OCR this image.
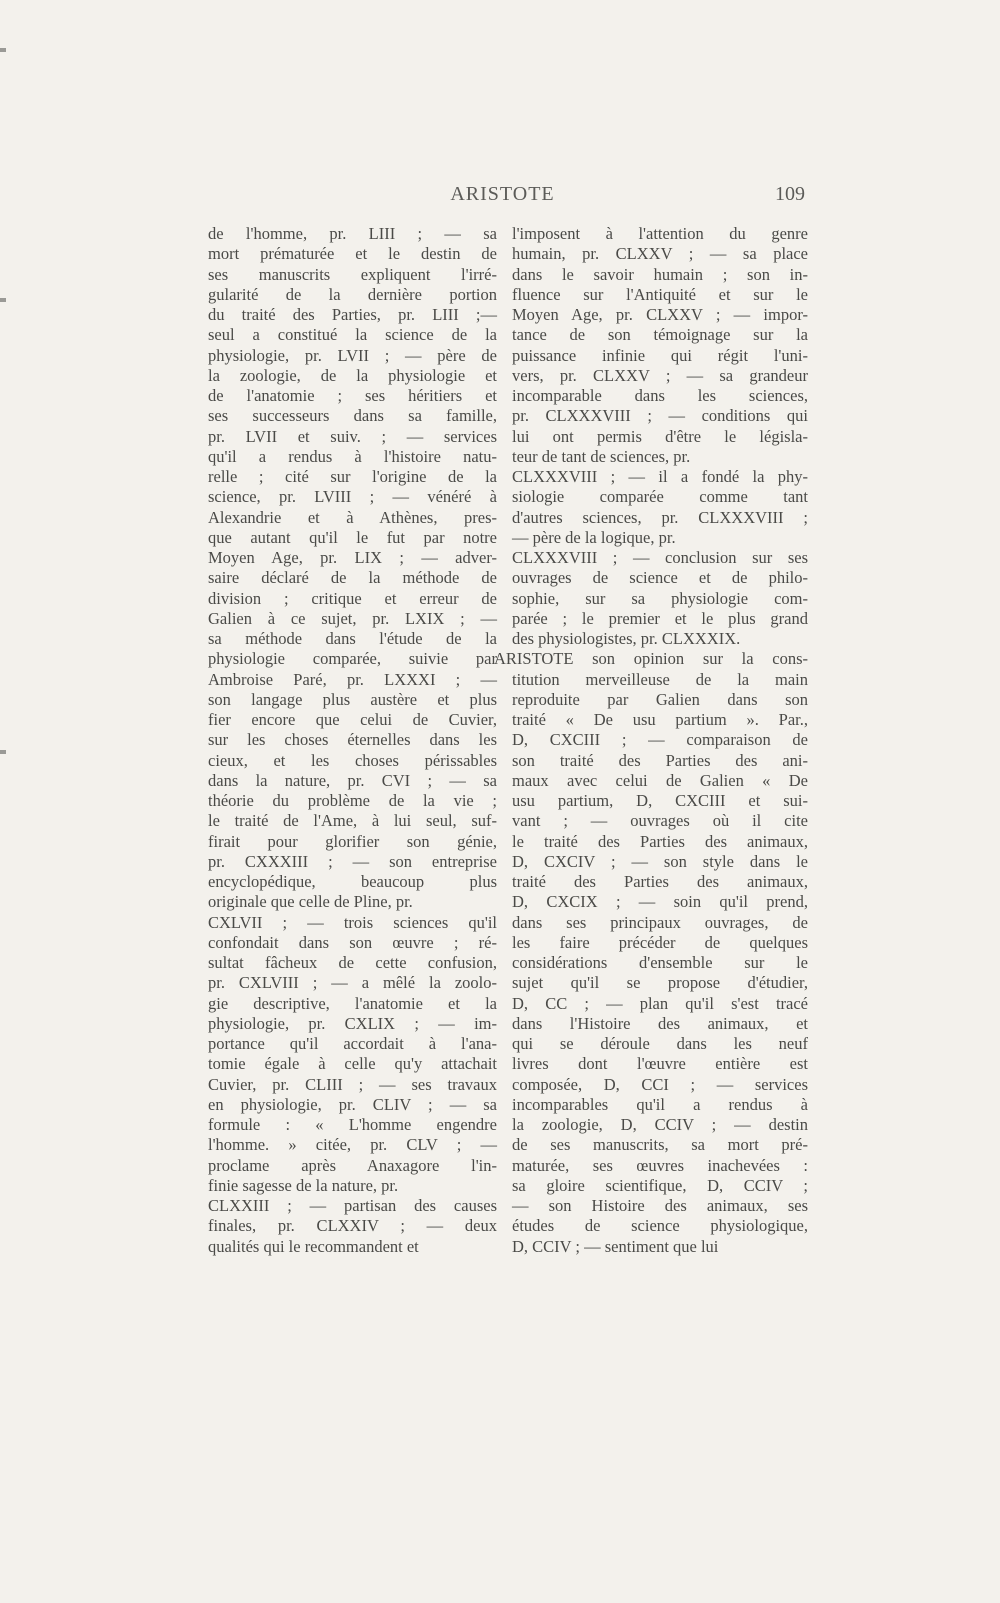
ARISTOTE	109
de l'homme, pr. LIII ; — sa
mort prématurée et le destin de
ses manuscrits expliquent l'irré-
gularité de la dernière portion
du traité des Parties, pr. LIII ;—
seul a constitué la science de la
physiologie, pr. LVII ; — père de
la zoologie, de la physiologie et
de l'anatomie ; ses héritiers et
ses successeurs dans sa famille,
pr. LVII et suiv. ; — services
qu'il a rendus à l'histoire natu-
relle ; cité sur l'origine de la
science, pr. LVIII ; — vénéré à
Alexandrie et à Athènes, pres-
que autant qu'il le fut par notre
Moyen Age, pr. LIX ; — adver-
saire déclaré de la méthode de
division ; critique et erreur de
Galien à ce sujet, pr. LXIX ; —
sa méthode dans l'étude de la
physiologie comparée, suivie par
Ambroise Paré, pr. LXXXI ; —
son langage plus austère et plus
fier encore que celui de Cuvier,
sur les choses éternelles dans les
cieux, et les choses périssables
dans la nature, pr. CVI ; — sa
théorie du problème de la vie ;
le traité de l'Ame, à lui seul, suf-
firait pour glorifier son génie,
pr. CXXXIII ; — son entreprise
encyclopédique, beaucoup plus
originale que celle de Pline, pr.
CXLVII ; — trois sciences qu'il
confondait dans son œuvre ; ré-
sultat fâcheux de cette confusion,
pr. CXLVIII ; — a mêlé la zoolo-
gie descriptive, l'anatomie et la
physiologie, pr. CXLIX ; — im-
portance qu'il accordait à l'ana-
tomie égale à celle qu'y attachait
Cuvier, pr. CLIII ; — ses travaux
en physiologie, pr. CLIV ; — sa
formule : « L'homme engendre
l'homme. » citée, pr. CLV ; —
proclame après Anaxagore l'in-
finie sagesse de la nature, pr.
CLXXIII ; — partisan des causes
finales, pr. CLXXIV ; — deux
qualités qui le recommandent et
l'imposent à l'attention du genre
humain, pr. CLXXV ; — sa place
dans le savoir humain ; son in-
fluence sur l'Antiquité et sur le
Moyen Age, pr. CLXXV ; — impor-
tance de son témoignage sur la
puissance infinie qui régit l'uni-
vers, pr. CLXXV ; — sa grandeur
incomparable dans les sciences,
pr. CLXXXVIII ; — conditions qui
lui ont permis d'être le législa-
teur de tant de sciences, pr.
CLXXXVIII ; — il a fondé la phy-
siologie comparée comme tant
d'autres sciences, pr. CLXXXVIII ;
— père de la logique, pr.
CLXXXVIII ; — conclusion sur ses
ouvrages de science et de philo-
sophie, sur sa physiologie com-
parée ; le premier et le plus grand
des physiologistes, pr. CLXXXIX.
ARISTOTE son opinion sur la cons-
titution merveilleuse de la main
reproduite par Galien dans son
traité « De usu partium ». Par.,
D, CXCIII ; — comparaison de
son traité des Parties des ani-
maux avec celui de Galien « De
usu partium, D, CXCIII et sui-
vant ; — ouvrages où il cite
le traité des Parties des animaux,
D, CXCIV ; — son style dans le
traité des Parties des animaux,
D, CXCIX ; — soin qu'il prend,
dans ses principaux ouvrages, de
les faire précéder de quelques
considérations d'ensemble sur le
sujet qu'il se propose d'étudier,
D, CC ; — plan qu'il s'est tracé
dans l'Histoire des animaux, et
qui se déroule dans les neuf
livres dont l'œuvre entière est
composée, D, CCI ; — services
incomparables qu'il a rendus à
la zoologie, D, CCIV ; — destin
de ses manuscrits, sa mort pré-
maturée, ses œuvres inachevées :
sa gloire scientifique, D, CCIV ;
— son Histoire des animaux, ses
études de science physiologique,
D, CCIV ; — sentiment que lui
